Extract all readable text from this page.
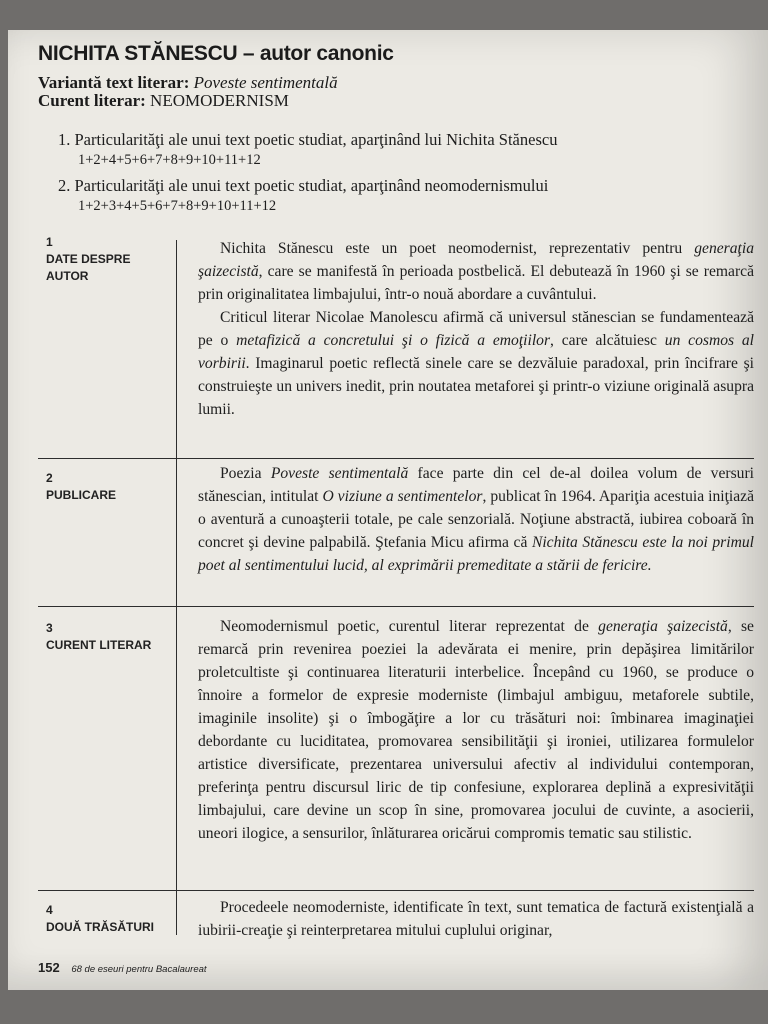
NICHITA STĂNESCU – autor canonic
Variantă text literar: Poveste sentimentală
Curent literar: NEOMODERNISM
1. Particularităţi ale unui text poetic studiat, aparţinând lui Nichita Stănescu
1+2+4+5+6+7+8+9+10+11+12
2. Particularităţi ale unui text poetic studiat, aparţinând neomodernismului
1+2+3+4+5+6+7+8+9+10+11+12
1
DATE DESPRE AUTOR

Nichita Stănescu este un poet neomodernist, reprezentativ pentru generaţia şaizecistă, care se manifestă în perioada postbelică. El debutează în 1960 şi se remarcă prin originalitatea limbajului, într-o nouă abordare a cuvântului.

Criticul literar Nicolae Manolescu afirmă că universul stănescian se fundamentează pe o metafizică a concretului şi o fizică a emoţiilor, care alcătuiesc un cosmos al vorbirii. Imaginarul poetic reflectă sinele care se dezvăluie paradoxal, prin încifrare şi construieşte un univers inedit, prin noutatea metaforei şi printr-o viziune originală asupra lumii.

2
PUBLICARE

Poezia Poveste sentimentală face parte din cel de-al doilea volum de versuri stănescian, intitulat O viziune a sentimentelor, publicat în 1964. Apariţia acestuia iniţiază o aventură a cunoaşterii totale, pe cale senzorială. Noţiune abstractă, iubirea coboară în concret şi devine palpabilă. Ştefania Micu afirma că Nichita Stănescu este la noi primul poet al sentimentului lucid, al exprimării premeditate a stării de fericire.

3
CURENT LITERAR

Neomodernismul poetic, curentul literar reprezentat de generaţia şaizecistă, se remarcă prin revenirea poeziei la adevărata ei menire, prin depăşirea limitărilor proletcultiste şi continuarea literaturii interbelice. Începând cu 1960, se produce o înnoire a formelor de expresie moderniste (limbajul ambiguu, metaforele subtile, imaginile insolite) şi o îmbogăţire a lor cu trăsături noi: îmbinarea imaginaţiei debordante cu luciditatea, promovarea sensibilităţii şi ironiei, utilizarea formulelor artistice diversificate, prezentarea universului afectiv al individului contemporan, preferinţa pentru discursul liric de tip confesiune, explorarea deplină a expresivităţii limbajului, care devine un scop în sine, promovarea jocului de cuvinte, a asocierii, uneori ilogice, a sensurilor, înlăturarea oricărui compromis tematic sau stilistic.

4
DOUĂ TRĂSĂTURI

Procedeele neomoderniste, identificate în text, sunt tematica de factură existenţială a iubirii-creaţie şi reinterpretarea mitului cuplului originar,

152 68 de eseuri pentru Bacalaureat
